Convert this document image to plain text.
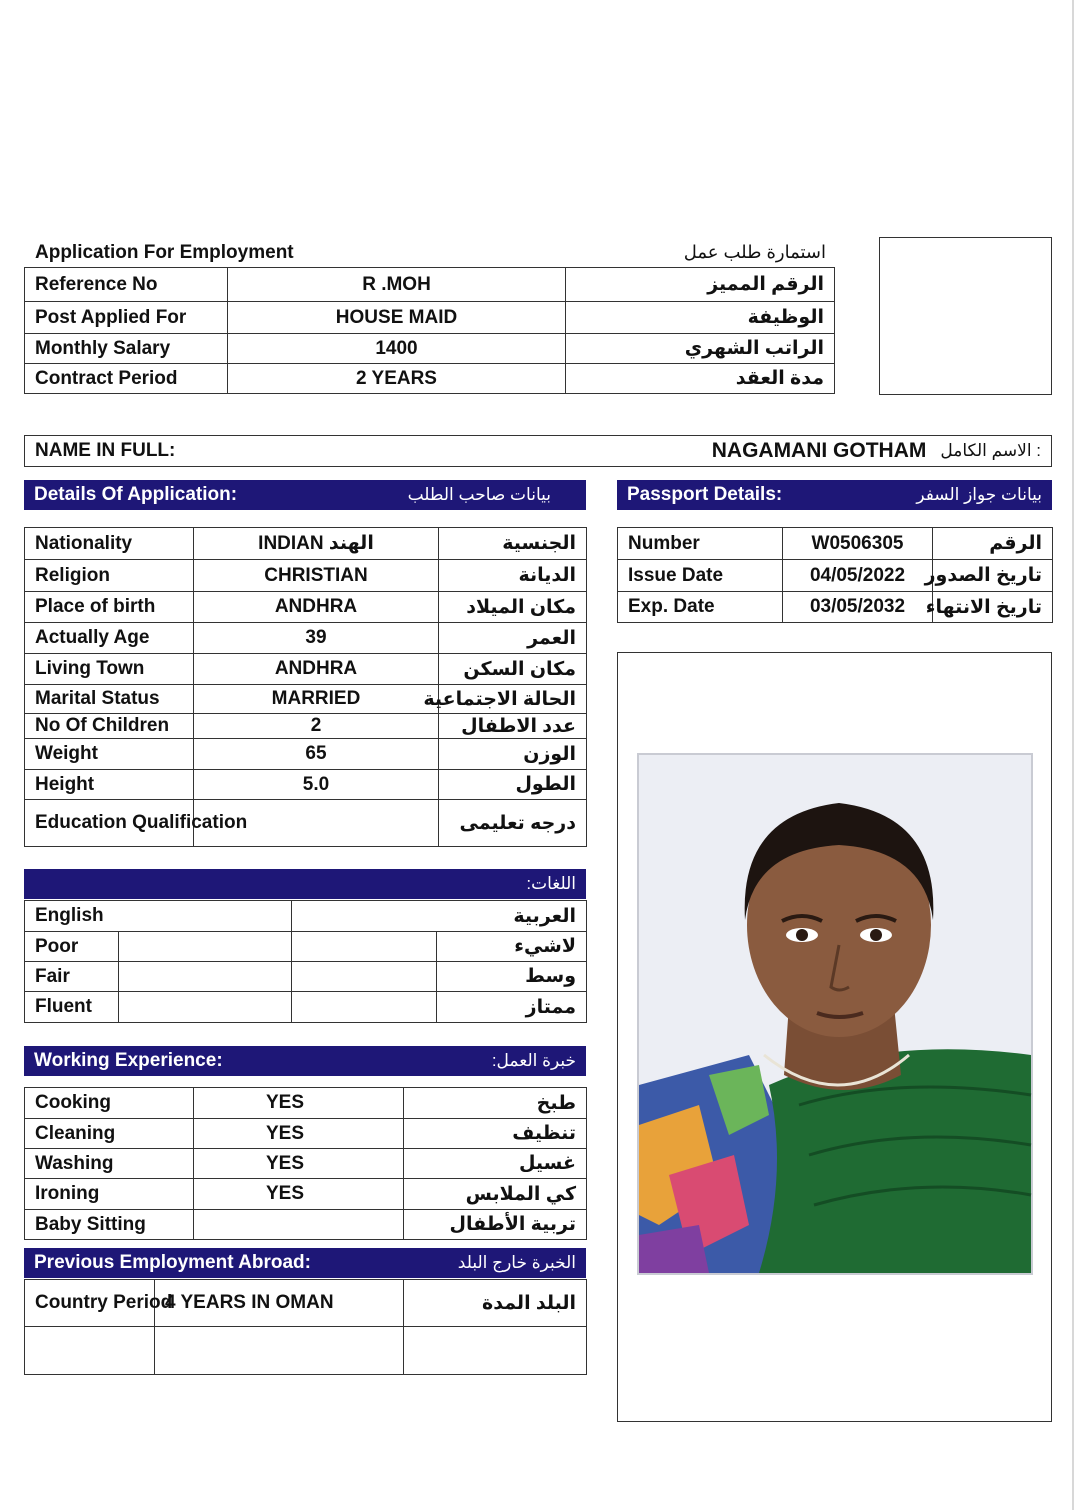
Application For Employment	استمارة طلب عمل
Reference No	R .MOH	الرقم المميز
Post Applied For	HOUSE MAID	الوظيفة
Monthly Salary	1400	الراتب الشهري
Contract Period	2 YEARS	مدة العقد
NAME IN FULL:	NAGAMANI GOTHAM : الاسم الكامل
Details Of Application:	بيانات صاحب الطلب	Passport Details:	بيانات جواز السفر
Nationality	INDIAN الهند	الجنسية
Religion	CHRISTIAN	الديانة
Place of birth	ANDHRA	مكان الميلاد
Actually Age	39	العمر
Living Town	ANDHRA	مكان السكن
Marital Status	MARRIED	الحالة الاجتماعية
No Of Children	2	عدد الاطفال
Weight	65	الوزن
Height	5.0	الطول
Education Qualification		درجه تعليمى
Number	W0506305	الرقم
Issue Date	04/05/2022	تاريخ الصدور
Exp. Date	03/05/2032	تاريخ الانتهاء
اللغات:
English		العربية	
Poor			لاشيء
Fair			وسط
Fluent			ممتاز
Working Experience:	خبرة العمل:
Cooking	YES	طبخ
Cleaning	YES	تنظيف
Washing	YES	غسيل
Ironing	YES	كي الملابس
Baby Sitting		تربية الأطفال
Previous Employment Abroad:	الخبرة خارج البلد
Country Period	4 YEARS IN OMAN	البلد المدة
